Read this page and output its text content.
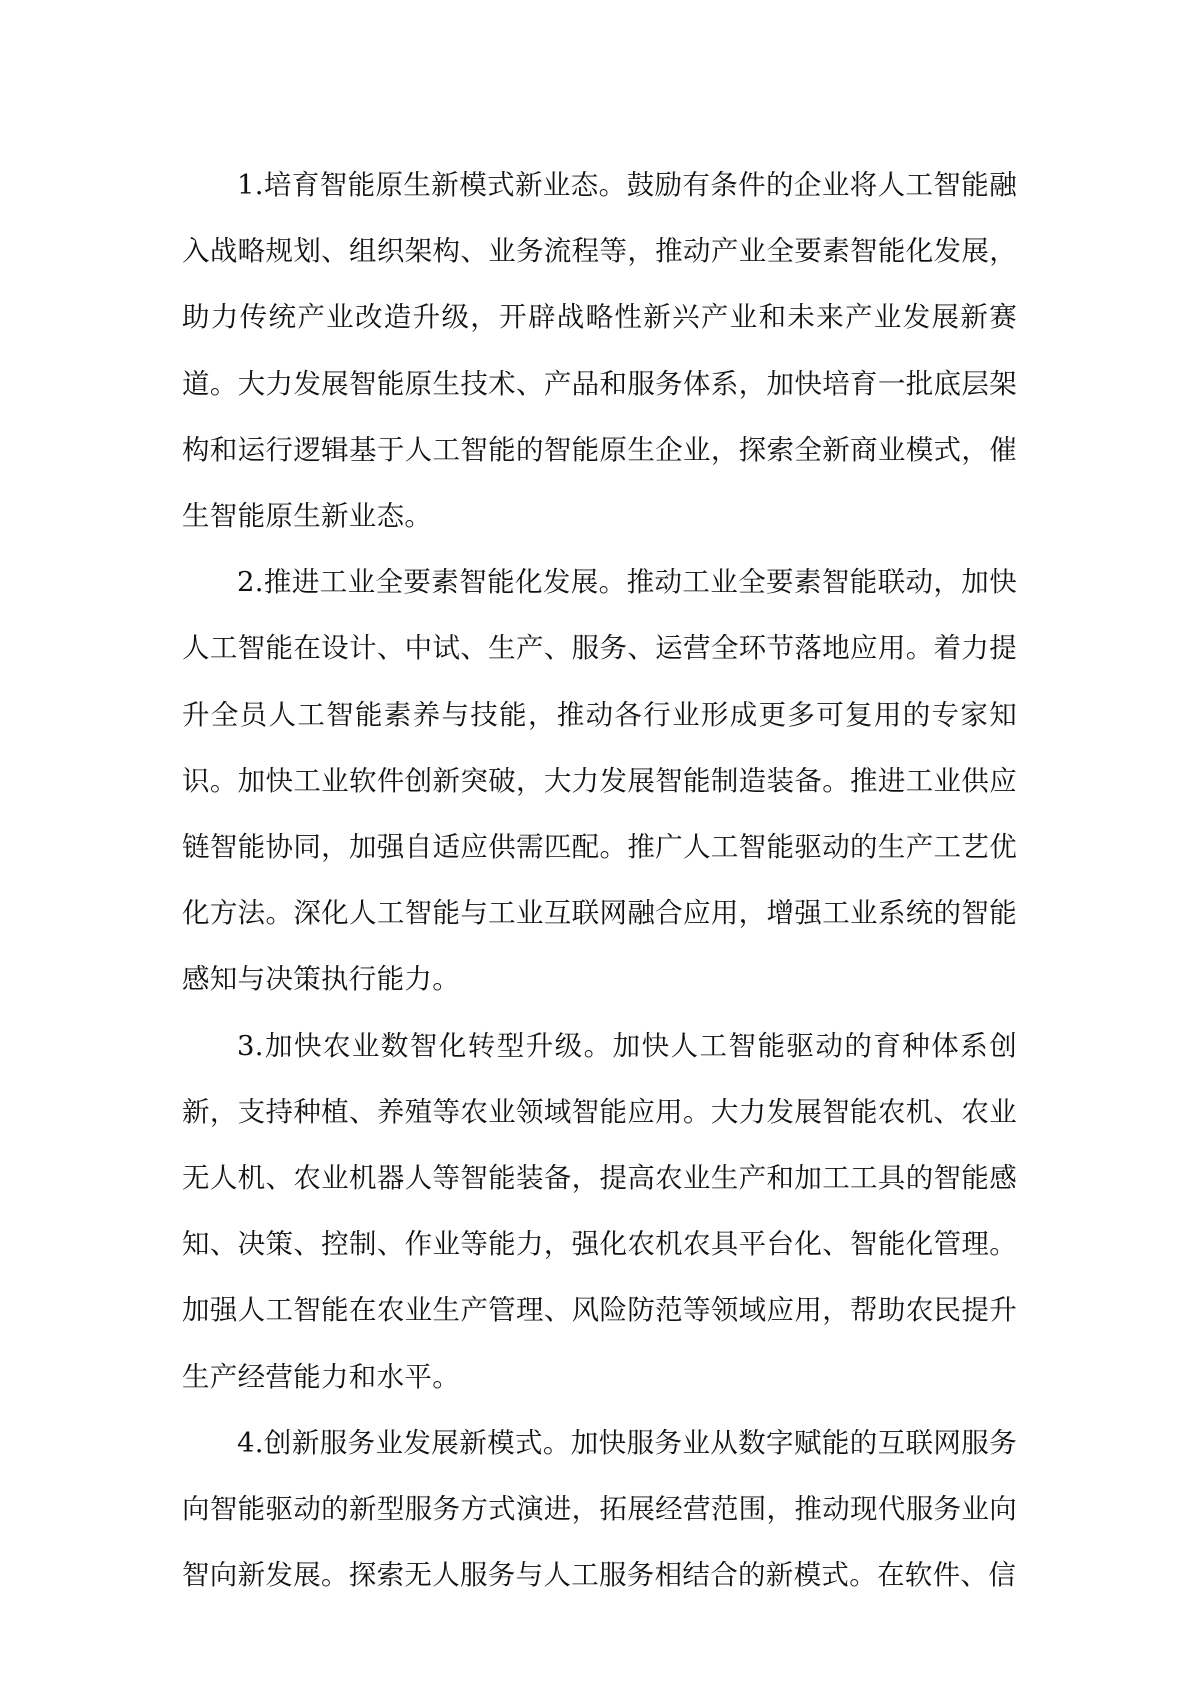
1.培育智能原生新模式新业态。鼓励有条件的企业将人工智能融入战略规划、组织架构、业务流程等，推动产业全要素智能化发展，助力传统产业改造升级，开辟战略性新兴产业和未来产业发展新赛道。大力发展智能原生技术、产品和服务体系，加快培育一批底层架构和运行逻辑基于人工智能的智能原生企业，探索全新商业模式，催生智能原生新业态。

2.推进工业全要素智能化发展。推动工业全要素智能联动，加快人工智能在设计、中试、生产、服务、运营全环节落地应用。着力提升全员人工智能素养与技能，推动各行业形成更多可复用的专家知识。加快工业软件创新突破，大力发展智能制造装备。推进工业供应链智能协同，加强自适应供需匹配。推广人工智能驱动的生产工艺优化方法。深化人工智能与工业互联网融合应用，增强工业系统的智能感知与决策执行能力。

3.加快农业数智化转型升级。加快人工智能驱动的育种体系创新，支持种植、养殖等农业领域智能应用。大力发展智能农机、农业无人机、农业机器人等智能装备，提高农业生产和加工工具的智能感知、决策、控制、作业等能力，强化农机农具平台化、智能化管理。加强人工智能在农业生产管理、风险防范等领域应用，帮助农民提升生产经营能力和水平。

4.创新服务业发展新模式。加快服务业从数字赋能的互联网服务向智能驱动的新型服务方式演进，拓展经营范围，推动现代服务业向智向新发展。探索无人服务与人工服务相结合的新模式。在软件、信
